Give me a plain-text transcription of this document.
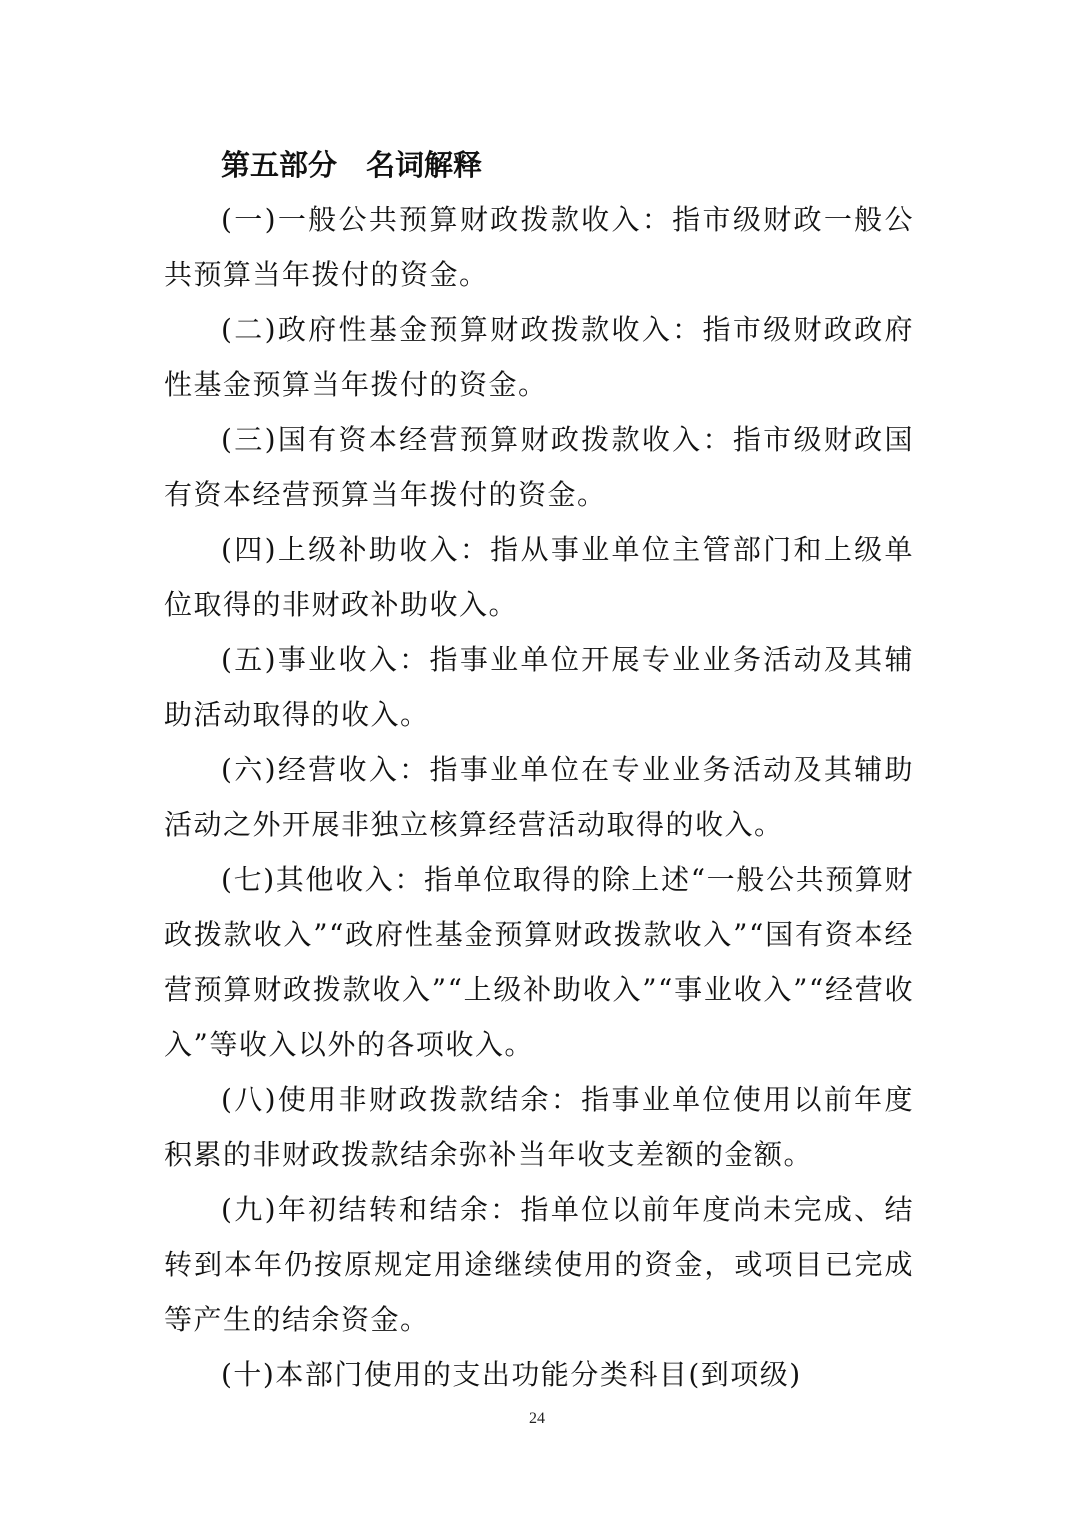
第五部分　名词解释

(一)一般公共预算财政拨款收入：指市级财政一般公共预算当年拨付的资金。

(二)政府性基金预算财政拨款收入：指市级财政政府性基金预算当年拨付的资金。

(三)国有资本经营预算财政拨款收入：指市级财政国有资本经营预算当年拨付的资金。

(四)上级补助收入：指从事业单位主管部门和上级单位取得的非财政补助收入。

(五)事业收入：指事业单位开展专业业务活动及其辅助活动取得的收入。

(六)经营收入：指事业单位在专业业务活动及其辅助活动之外开展非独立核算经营活动取得的收入。

(七)其他收入：指单位取得的除上述“一般公共预算财政拨款收入”“政府性基金预算财政拨款收入”“国有资本经营预算财政拨款收入”“上级补助收入”“事业收入”“经营收入”等收入以外的各项收入。

(八)使用非财政拨款结余：指事业单位使用以前年度积累的非财政拨款结余弥补当年收支差额的金额。

(九)年初结转和结余：指单位以前年度尚未完成、结转到本年仍按原规定用途继续使用的资金，或项目已完成等产生的结余资金。

(十)本部门使用的支出功能分类科目(到项级)

24
